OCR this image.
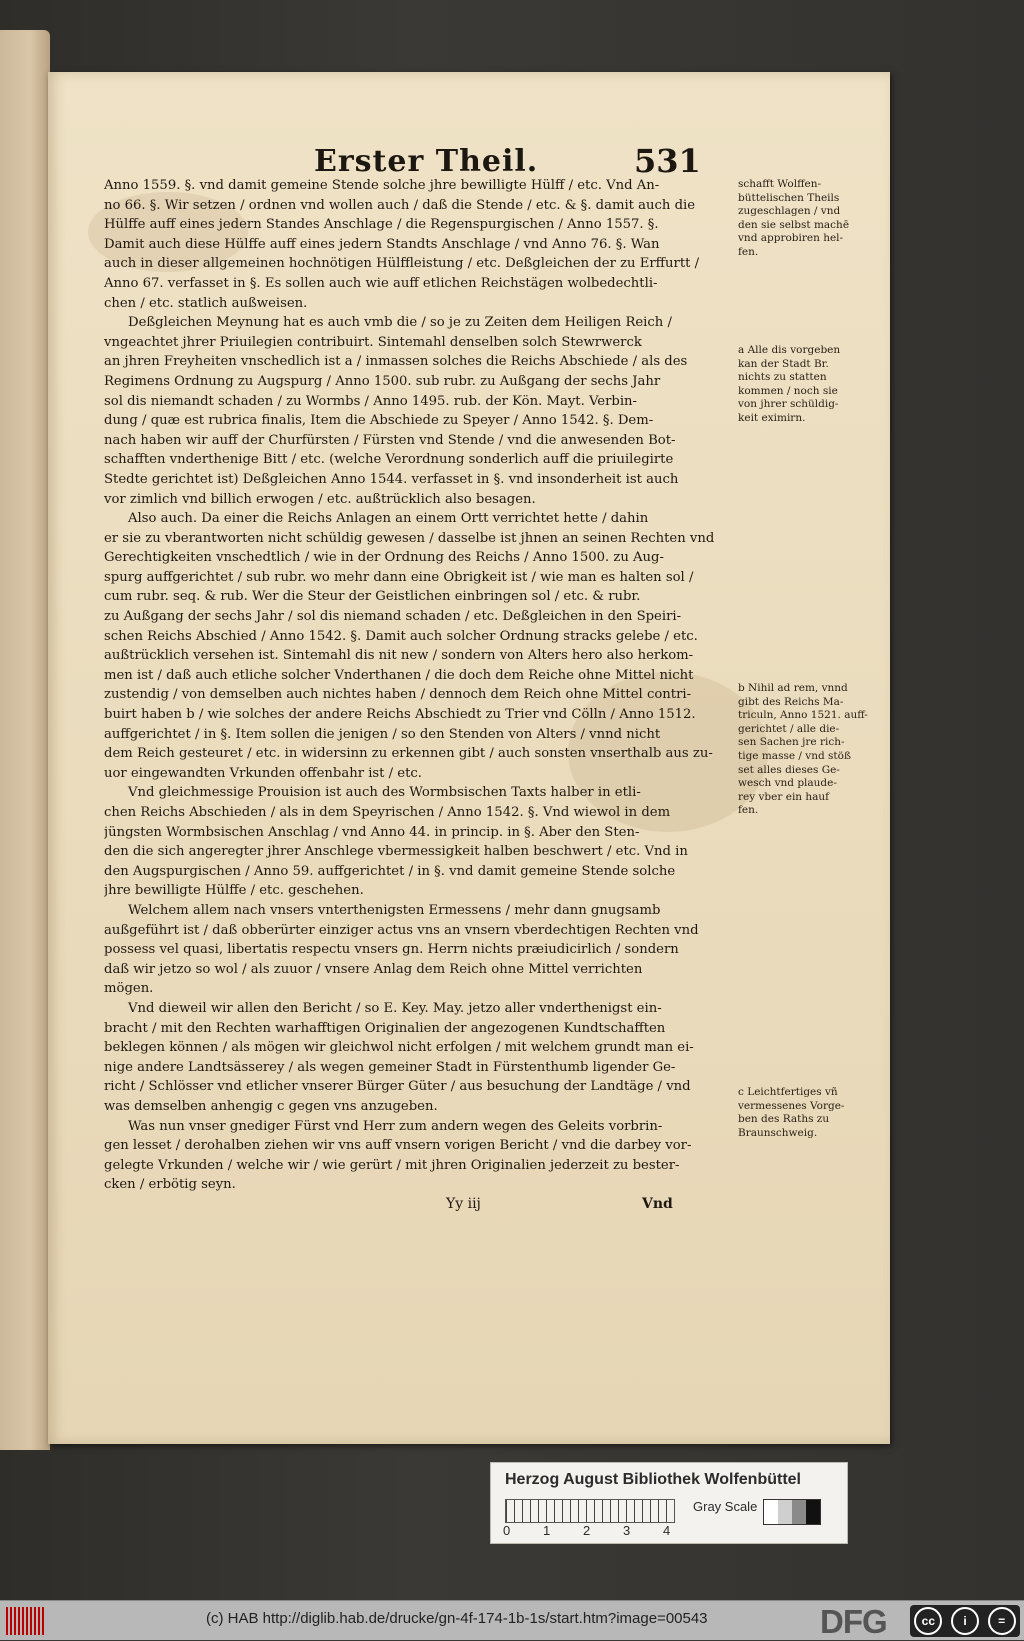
Erster Theil.	531

Anno 1559. §. vnd damit gemeine Stende solche jhre bewilligte Hülff / etc. Vnd An-
no 66. §. Wir setzen / ordnen vnd wollen auch / daß die Stende / etc. & §. damit auch die
Hülffe auff eines jedern Standes Anschlage / die Regenspurgischen / Anno 1557. §.
Damit auch diese Hülffe auff eines jedern Standts Anschlage / vnd Anno 76. §. Wan
auch in dieser allgemeinen hochnötigen Hülffleistung / etc. Deßgleichen der zu Erffurtt /
Anno 67. verfasset in §. Es sollen auch wie auff etlichen Reichstägen wolbedechtli-
chen / etc. statlich außweisen.

Deßgleichen Meynung hat es auch vmb die / so je zu Zeiten dem Heiligen Reich /
vngeachtet jhrer Priuilegien contribuirt. Sintemahl denselben solch Stewrwerck
an jhren Freyheiten vnschedlich ist a / inmassen solches die Reichs Abschiede / als des
Regimens Ordnung zu Augspurg / Anno 1500. sub rubr. zu Außgang der sechs Jahr
sol dis niemandt schaden / zu Wormbs / Anno 1495. rub. der Kön. Mayt. Verbin-
dung / quæ est rubrica finalis, Item die Abschiede zu Speyer / Anno 1542. §. Dem-
nach haben wir auff der Churfürsten / Fürsten vnd Stende / vnd die anwesenden Bot-
schafften vnderthenige Bitt / etc. (welche Verordnung sonderlich auff die priuilegirte
Stedte gerichtet ist) Deßgleichen Anno 1544. verfasset in §. vnd insonderheit ist auch
vor zimlich vnd billich erwogen / etc. außtrücklich also besagen.

Also auch. Da einer die Reichs Anlagen an einem Ortt verrichtet hette / dahin
er sie zu vberantworten nicht schüldig gewesen / dasselbe ist jhnen an seinen Rechten vnd
Gerechtigkeiten vnschedtlich / wie in der Ordnung des Reichs / Anno 1500. zu Aug-
spurg auffgerichtet / sub rubr. wo mehr dann eine Obrigkeit ist / wie man es halten sol /
cum rubr. seq. & rub. Wer die Steur der Geistlichen einbringen sol / etc. & rubr.
zu Außgang der sechs Jahr / sol dis niemand schaden / etc. Deßgleichen in den Speiri-
schen Reichs Abschied / Anno 1542. §. Damit auch solcher Ordnung stracks gelebe / etc.
außtrücklich versehen ist. Sintemahl dis nit new / sondern von Alters hero also herkom-
men ist / daß auch etliche solcher Vnderthanen / die doch dem Reiche ohne Mittel nicht
zustendig / von demselben auch nichtes haben / dennoch dem Reich ohne Mittel contri-
buirt haben b / wie solches der andere Reichs Abschiedt zu Trier vnd Cölln / Anno 1512.
auffgerichtet / in §. Item sollen die jenigen / so den Stenden von Alters / vnnd nicht
dem Reich gesteuret / etc. in widersinn zu erkennen gibt / auch sonsten vnserthalb aus zu-
uor eingewandten Vrkunden offenbahr ist / etc.

Vnd gleichmessige Prouision ist auch des Wormbsischen Taxts halber in etli-
chen Reichs Abschieden / als in dem Speyrischen / Anno 1542. §. Vnd wiewol in dem
jüngsten Wormbsischen Anschlag / vnd Anno 44. in princip. in §. Aber den Sten-
den die sich angeregter jhrer Anschlege vbermessigkeit halben beschwert / etc. Vnd in
den Augspurgischen / Anno 59. auffgerichtet / in §. vnd damit gemeine Stende solche
jhre bewilligte Hülffe / etc. geschehen.

Welchem allem nach vnsers vnterthenigsten Ermessens / mehr dann gnugsamb
außgeführt ist / daß obberürter einziger actus vns an vnsern vberdechtigen Rechten vnd
possess vel quasi, libertatis respectu vnsers gn. Herrn nichts præiudicirlich / sondern
daß wir jetzo so wol / als zuuor / vnsere Anlag dem Reich ohne Mittel verrichten
mögen.

Vnd dieweil wir allen den Bericht / so E. Key. May. jetzo aller vnderthenigst ein-
bracht / mit den Rechten warhafftigen Originalien der angezogenen Kundtschafften
beklegen können / als mögen wir gleichwol nicht erfolgen / mit welchem grundt man ei-
nige andere Landtsässerey / als wegen gemeiner Stadt in Fürstenthumb ligender Ge-
richt / Schlösser vnd etlicher vnserer Bürger Güter / aus besuchung der Landtäge / vnd
was demselben anhengig c gegen vns anzugeben.

Was nun vnser gnediger Fürst vnd Herr zum andern wegen des Geleits vorbrin-
gen lesset / derohalben ziehen wir vns auff vnsern vorigen Bericht / vnd die darbey vor-
gelegte Vrkunden / welche wir / wie gerürt / mit jhren Originalien jederzeit zu bester-
cken / erbötig seyn.

schafft Wolffen-
büttelischen Theils
zugeschlagen / vnd
den sie selbst machē
vnd approbiren hel-
fen.
a Alle dis vorgeben
kan der Stadt Br.
nichts zu statten
kommen / noch sie
von jhrer schüldig-
keit eximirn.
b Nihil ad rem, vnnd
gibt des Reichs Ma-
triculn, Anno 1521. auff-
gerichtet / alle die-
sen Sachen jre rich-
tige masse / vnd stöß
set alles dieses Ge-
wesch vnd plaude-
rey vber ein hauf
fen.
c Leichtfertiges vñ
vermessenes Vorge-
ben des Raths zu
Braunschweig.
Yy iij	Vnd
Herzog August Bibliothek Wolfenbüttel
0	1	2	3	4
Gray Scale
(c) HAB http://diglib.hab.de/drucke/gn-4f-174-1b-1s/start.htm?image=00543	DFG	cc	i	=
